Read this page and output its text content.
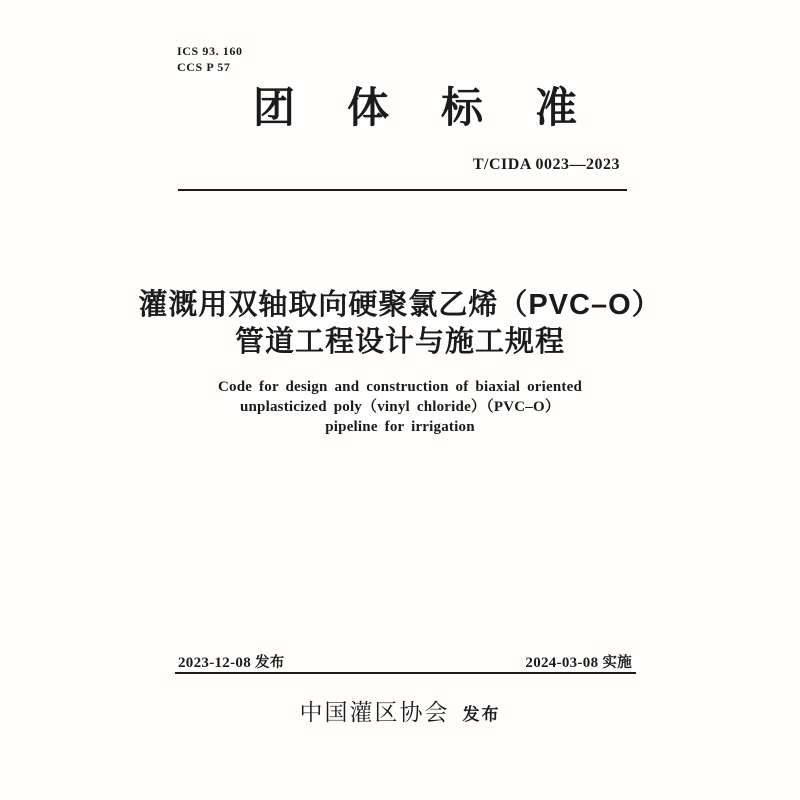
ICS 93. 160
CCS P 57
团体标准
T/CIDA 0023—2023
灌溉用双轴取向硬聚氯乙烯（PVC–O）
管道工程设计与施工规程
Code for design and construction of biaxial oriented
unplasticized poly（vinyl chloride）（PVC–O）
pipeline for irrigation
2023-12-08 发布	2024-03-08 实施
中国灌区协会 发布
